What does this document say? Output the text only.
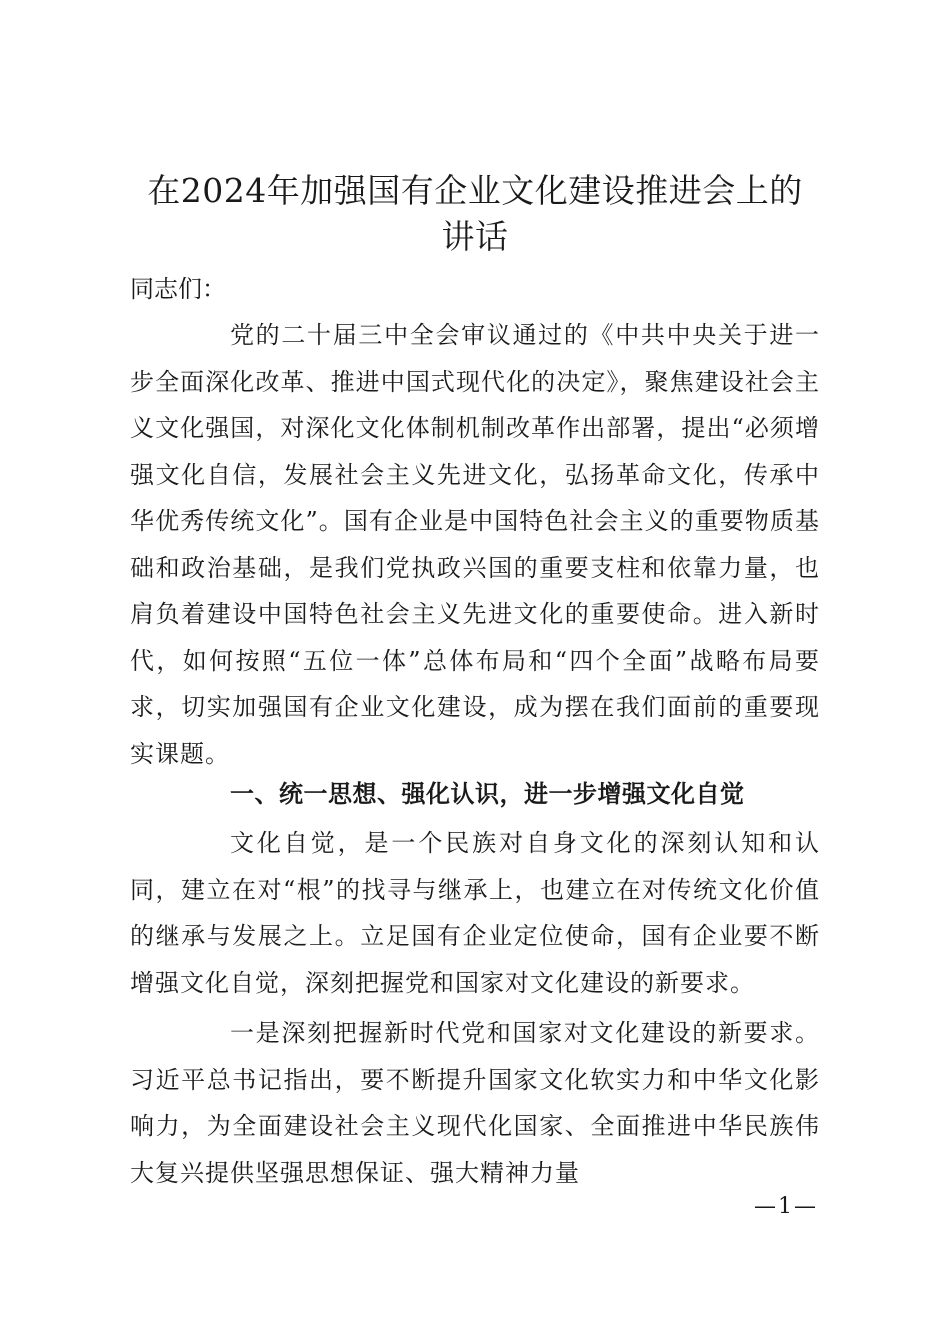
在2024年加强国有企业文化建设推进会上的
讲话
同志们：

党的二十届三中全会审议通过的《中共中央关于进一步全面深化改革、推进中国式现代化的决定》，聚焦建设社会主义文化强国，对深化文化体制机制改革作出部署，提出“必须增强文化自信，发展社会主义先进文化，弘扬革命文化，传承中华优秀传统文化”。国有企业是中国特色社会主义的重要物质基础和政治基础，是我们党执政兴国的重要支柱和依靠力量，也肩负着建设中国特色社会主义先进文化的重要使命。进入新时代，如何按照“五位一体”总体布局和“四个全面”战略布局要求，切实加强国有企业文化建设，成为摆在我们面前的重要现实课题。

一、统一思想、强化认识，进一步增强文化自觉

文化自觉，是一个民族对自身文化的深刻认知和认同，建立在对“根”的找寻与继承上，也建立在对传统文化价值的继承与发展之上。立足国有企业定位使命，国有企业要不断增强文化自觉，深刻把握党和国家对文化建设的新要求。

一是深刻把握新时代党和国家对文化建设的新要求。习近平总书记指出，要不断提升国家文化软实力和中华文化影响力，为全面建设社会主义现代化国家、全面推进中华民族伟大复兴提供坚强思想保证、强大精神力量

—1—
